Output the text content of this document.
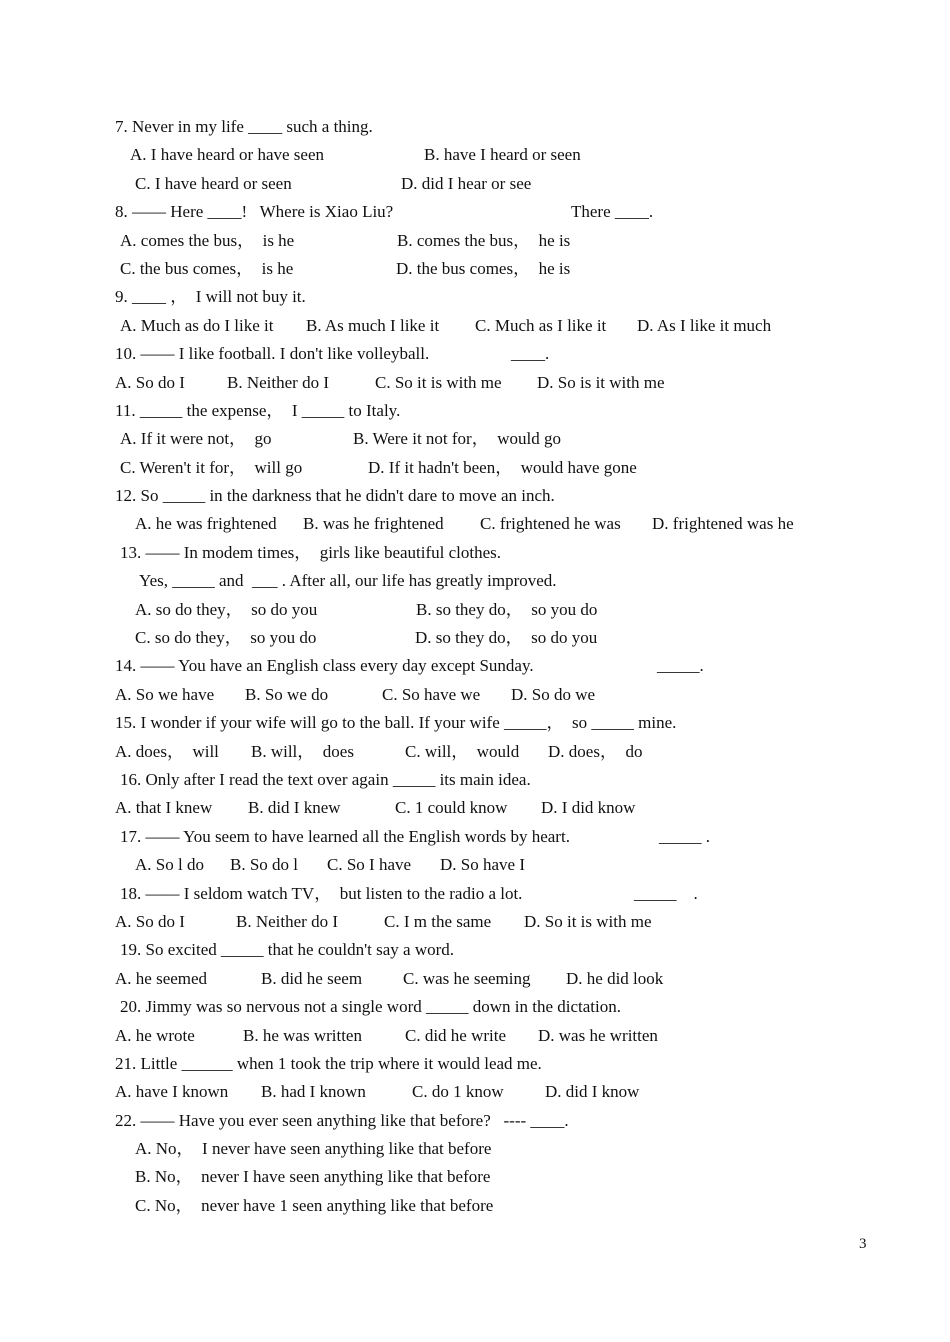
7. Never in my life ____ such a thing.
A. I have heard or have seen	B. have I heard or seen
C. I have heard or seen	D. did I hear or see
8. —— Here ____!   Where is Xiao Liu?	There ____.
A. comes the bus，  is he	B. comes the bus，  he is
C. the bus comes，  is he	D. the bus comes，  he is
9. ____ ，  I will not buy it.
A. Much as do I like it B. As much I like it C. Much as I like it D. As I like it much
10. —— I like football. I don't like volleyball.	____.
A. So do I B. Neither do I	C. So it is with me D. So is it with me
11. _____ the expense，  I _____ to Italy.
A. If it were not，  go	B. Were it not for，  would go
C. Weren't it for，  will go	D. If it hadn't been，  would have gone
12. So _____ in the darkness that he didn't dare to move an inch.
A. he was frightened B. was he frightened C. frightened he was D. frightened was he
13. —— In modem times，  girls like beautiful clothes.
Yes, _____ and  ___ . After all, our life has greatly improved.
A. so do they，  so do you	B. so they do，  so you do
C. so do they，  so you do	D. so they do，  so do you
14. —— You have an English class every day except Sunday.	_____.
A. So we have B. So we do	C. So have we D. So do we
15. I wonder if your wife will go to the ball. If your wife _____，  so _____ mine.
A. does，  will B. will，  does	C. will，  would D. does，  do
16. Only after I read the text over again _____ its main idea.
A. that I knew B. did I knew	C. 1 could know D. I did know
17. —— You seem to have learned all the English words by heart.	_____ .
A. So l do B. So do l C. So I have D. So have I
18. —— I seldom watch TV，  but listen to the radio a lot.	_____    .
A. So do I	B. Neither do I	C. I m the same D. So it is with me
19. So excited _____ that he couldn't say a word.
A. he seemed	B. did he seem C. was he seeming D. he did look
20. Jimmy was so nervous not a single word _____ down in the dictation.
A. he wrote	B. he was written	C. did he write D. was he written
21. Little ______ when 1 took the trip where it would lead me.
A. have I known B. had I known	C. do 1 know D. did I know
22. —— Have you ever seen anything like that before?   ---- ____.
A. No，  I never have seen anything like that before
B. No，  never I have seen anything like that before
C. No，  never have 1 seen anything like that before
3
